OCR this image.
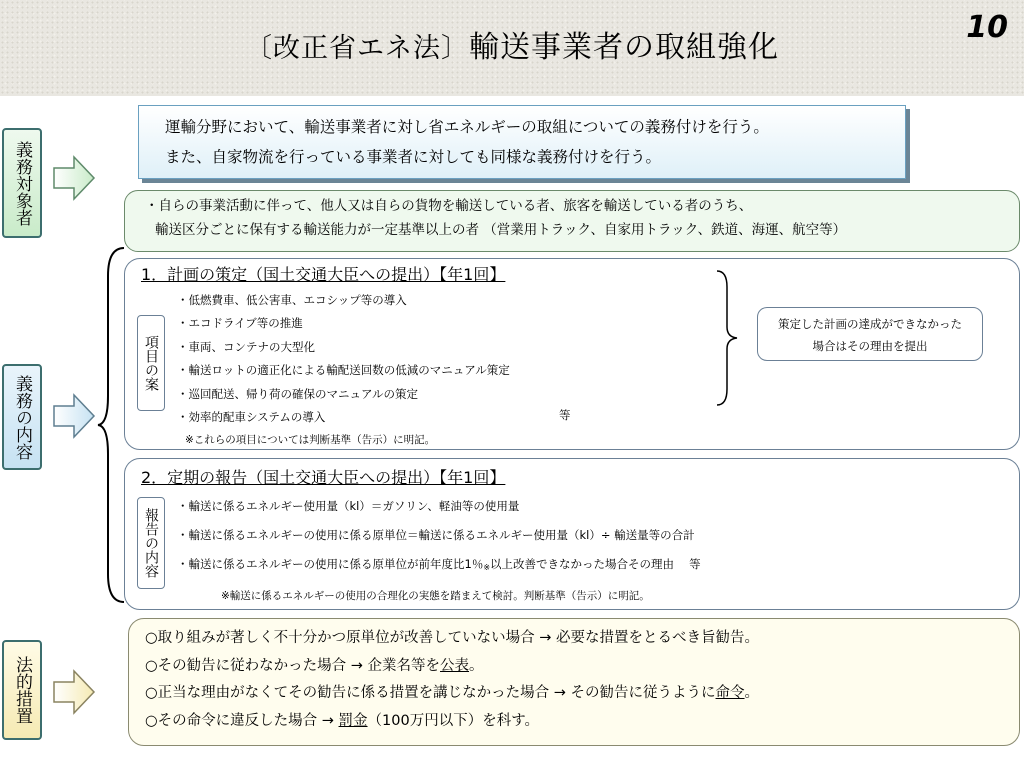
〔改正省エネ法〕輸送事業者の取組強化
10
義務対象者
義務の内容
法的措置
運輸分野において、輸送事業者に対し省エネルギーの取組についての義務付けを行う。
また、自家物流を行っている事業者に対しても同様な義務付けを行う。
・自らの事業活動に伴って、他人又は自らの貨物を輸送している者、旅客を輸送している者のうち、
輸送区分ごとに保有する輸送能力が一定基準以上の者 （営業用トラック、自家用トラック、鉄道、海運、航空等）
1．計画の策定（国土交通大臣への提出）【年1回】
項目の案
・低燃費車、低公害車、エコシップ等の導入
・エコドライブ等の推進
・車両、コンテナの大型化
・輸送ロットの適正化による輸配送回数の低減のマニュアル策定
・巡回配送、帰り荷の確保のマニュアルの策定
・効率的配車システムの導入
※これらの項目については判断基準（告示）に明記。
等
策定した計画の達成ができなかった
場合はその理由を提出
2．定期の報告（国土交通大臣への提出）【年1回】
報告の内容
・輸送に係るエネルギー使用量（kl）＝ガソリン、軽油等の使用量
・輸送に係るエネルギーの使用に係る原単位＝輸送に係るエネルギー使用量（kl）÷ 輸送量等の合計
・輸送に係るエネルギーの使用に係る原単位が前年度比1％$_※$以上改善できなかった場合その理由 　等
※輸送に係るエネルギーの使用の合理化の実態を踏まえて検討。判断基準（告示）に明記。
○取り組みが著しく不十分かつ原単位が改善していない場合 → 必要な措置をとるべき旨勧告。
○その勧告に従わなかった場合 → 企業名等を公表。
○正当な理由がなくてその勧告に係る措置を講じなかった場合 → その勧告に従うように命令。
○その命令に違反した場合 → 罰金（100万円以下）を科す。
